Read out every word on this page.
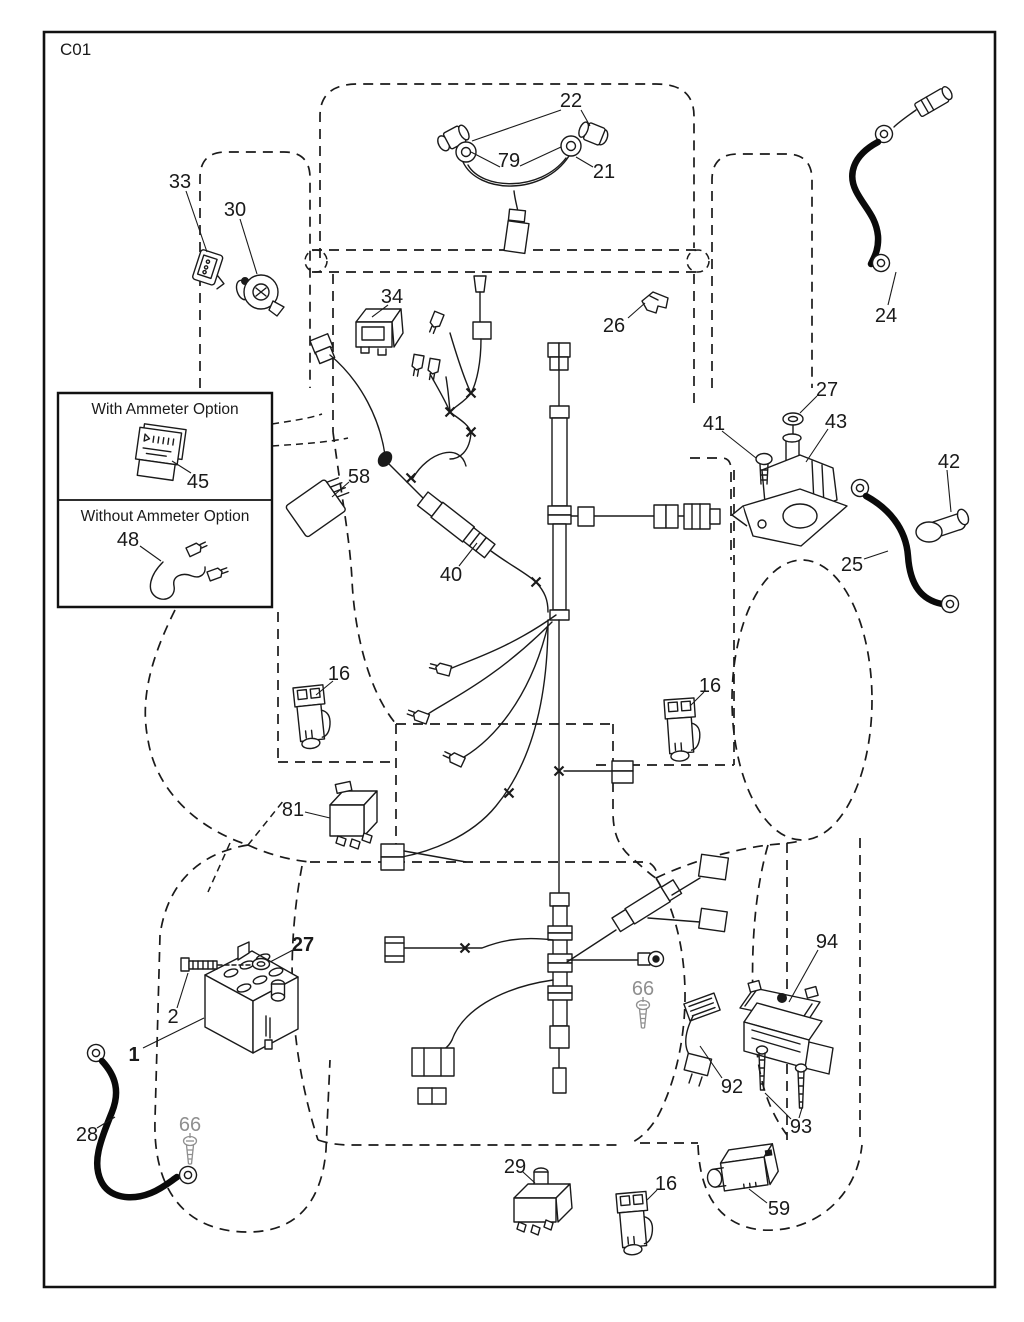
C01
With Ammeter Option
Without Ammeter Option
22
79	21
33
30
24
34
26
27
41	43
42
25
58
40
45
48
16
16
81
27
2
1
28	66
66
29
16
59
94
92
93
